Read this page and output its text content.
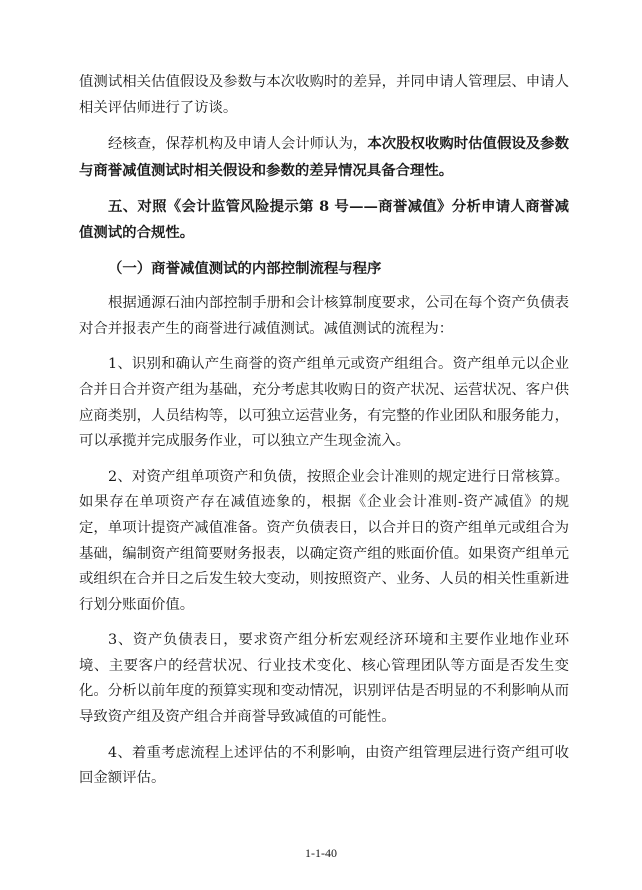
值测试相关估值假设及参数与本次收购时的差异，并同申请人管理层、申请人相关评估师进行了访谈。

经核查，保荐机构及申请人会计师认为，本次股权收购时估值假设及参数与商誉减值测试时相关假设和参数的差异情况具备合理性。

五、对照《会计监管风险提示第 8 号——商誉减值》分析申请人商誉减值测试的合规性。

（一）商誉减值测试的内部控制流程与程序

根据通源石油内部控制手册和会计核算制度要求，公司在每个资产负债表对合并报表产生的商誉进行减值测试。减值测试的流程为：

1、识别和确认产生商誉的资产组单元或资产组组合。资产组单元以企业合并日合并资产组为基础，充分考虑其收购日的资产状况、运营状况、客户供应商类别，人员结构等，以可独立运营业务，有完整的作业团队和服务能力，可以承揽并完成服务作业，可以独立产生现金流入。

2、对资产组单项资产和负债，按照企业会计准则的规定进行日常核算。如果存在单项资产存在减值迹象的，根据《企业会计准则-资产减值》的规定，单项计提资产减值准备。资产负债表日，以合并日的资产组单元或组合为基础，编制资产组简要财务报表，以确定资产组的账面价值。如果资产组单元或组织在合并日之后发生较大变动，则按照资产、业务、人员的相关性重新进行划分账面价值。

3、资产负债表日，要求资产组分析宏观经济环境和主要作业地作业环境、主要客户的经营状况、行业技术变化、核心管理团队等方面是否发生变化。分析以前年度的预算实现和变动情况，识别评估是否明显的不利影响从而导致资产组及资产组合并商誉导致减值的可能性。

4、着重考虑流程上述评估的不利影响，由资产组管理层进行资产组可收回金额评估。

1-1-40
